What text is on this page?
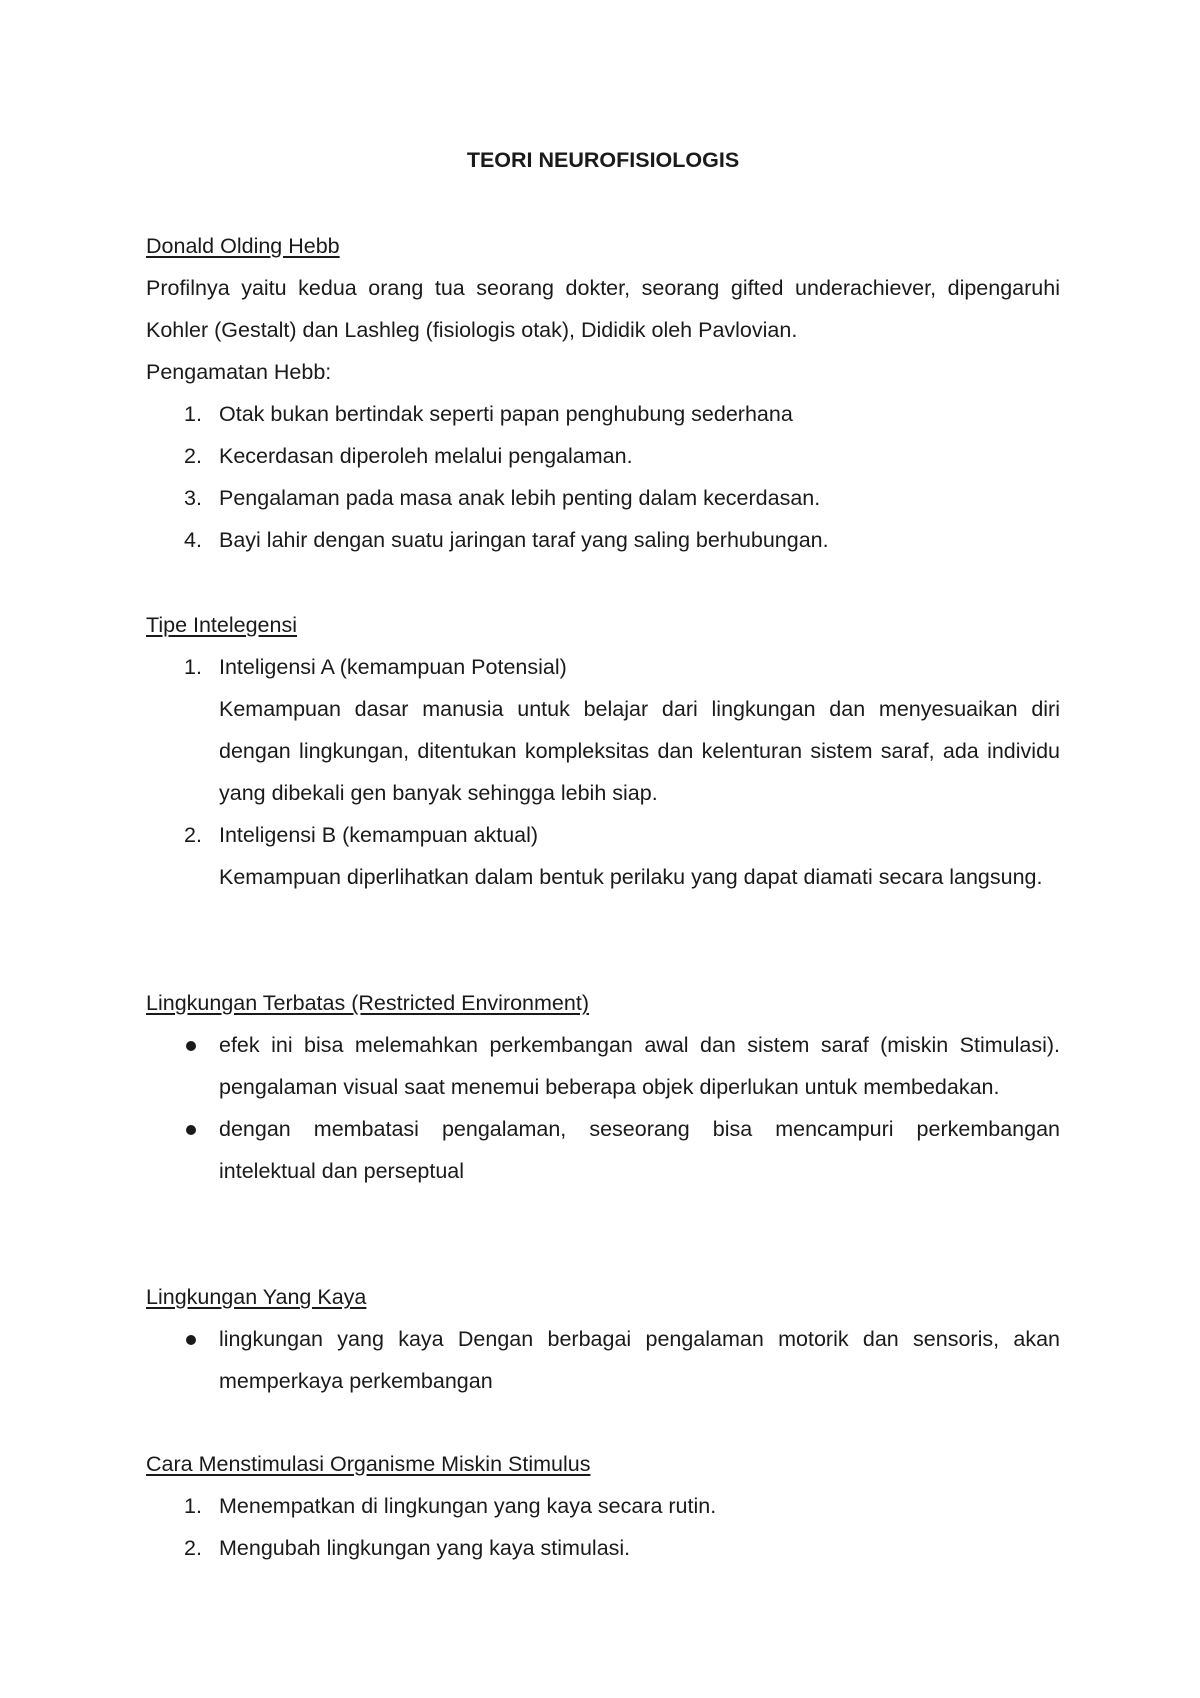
TEORI NEUROFISIOLOGIS
Donald Olding Hebb
Profilnya yaitu kedua orang tua seorang dokter, seorang gifted underachiever, dipengaruhi Kohler (Gestalt) dan Lashleg (fisiologis otak), Dididik oleh Pavlovian.
Pengamatan Hebb:
1. Otak bukan bertindak seperti papan penghubung sederhana
2. Kecerdasan diperoleh melalui pengalaman.
3. Pengalaman pada masa anak lebih penting dalam kecerdasan.
4. Bayi lahir dengan suatu jaringan taraf yang saling berhubungan.
Tipe Intelegensi
1. Inteligensi A (kemampuan Potensial)
Kemampuan dasar manusia untuk belajar dari lingkungan dan menyesuaikan diri dengan lingkungan, ditentukan kompleksitas dan kelenturan sistem saraf, ada individu yang dibekali gen banyak sehingga lebih siap.
2. Inteligensi B (kemampuan aktual)
Kemampuan diperlihatkan dalam bentuk perilaku yang dapat diamati secara langsung.
Lingkungan Terbatas (Restricted Environment)
efek ini bisa melemahkan perkembangan awal dan sistem saraf (miskin Stimulasi). pengalaman visual saat menemui beberapa objek diperlukan untuk membedakan.
dengan membatasi pengalaman, seseorang bisa mencampuri perkembangan intelektual dan perseptual
Lingkungan Yang Kaya
lingkungan yang kaya Dengan berbagai pengalaman motorik dan sensoris, akan memperkaya perkembangan
Cara Menstimulasi Organisme Miskin Stimulus
1. Menempatkan di lingkungan yang kaya secara rutin.
2. Mengubah lingkungan yang kaya stimulasi.
